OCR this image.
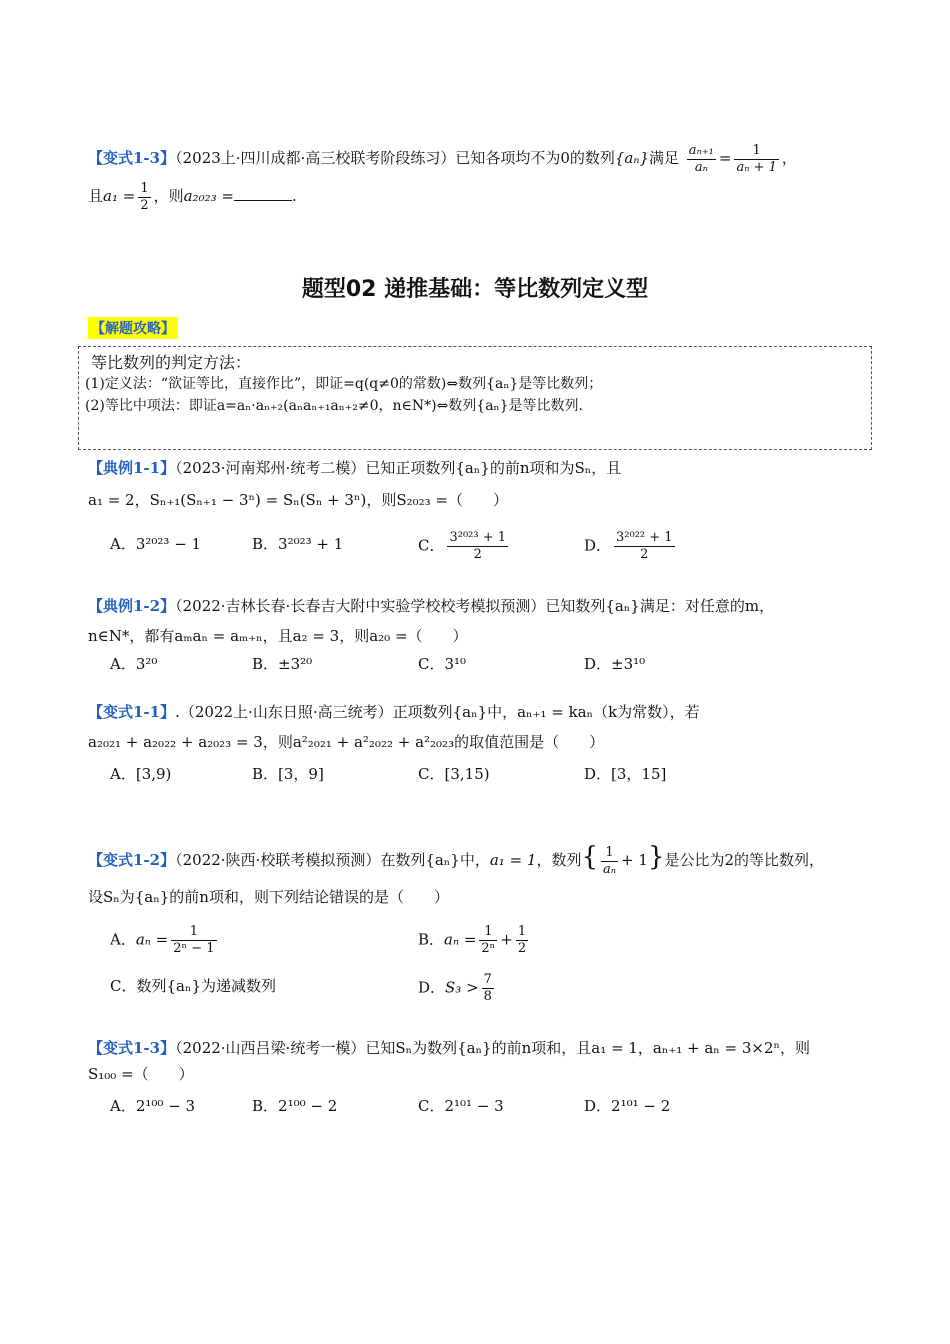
【变式1-3】（2023上·四川成都·高三校联考阶段练习）已知各项均不为0的数列{aₙ}满足 $\frac{\text{aₙ₊₁}}{\text{aₙ}} = \frac{1}{\text{aₙ + 1}}$ ，
且$a_1 = \frac{1}{2}$ ，则a₂₀₂₃ =	.
题型02 递推基础：等比数列定义型
【解题攻略】
等比数列的判定方法：
(1)定义法：“欲证等比，直接作比”，即证=q(q≠0的常数)⇔数列{aₙ}是等比数列；
(2)等比中项法：即证a=aₙ·aₙ₊₂(aₙaₙ₊₁aₙ₊₂≠0，n∈N*)⇔数列{aₙ}是等比数列.
【典例1-1】（2023·河南郑州·统考二模）已知正项数列{aₙ}的前n项和为Sₙ，且
a₁ = 2，Sₙ₊₁(Sₙ₊₁ − 3ⁿ) = Sₙ(Sₙ + 3ⁿ)，则S₂₀₂₃ =（　　）
A．3²⁰²³ − 1	B．3²⁰²³ + 1	C． $\frac{\text{3²⁰²³ + 1}}{2}$	D． $\frac{\text{3²⁰²² + 1}}{2}$
【典例1-2】（2022·吉林长春·长春吉大附中实验学校校考模拟预测）已知数列{aₙ}满足：对任意的m，
n∈N*，都有aₘaₙ = aₘ₊ₙ，且a₂ = 3，则a₂₀ =（　　）
A．3²⁰	B．±3²⁰	C．3¹⁰	D．±3¹⁰
【变式1-1】.（2022上·山东日照·高三统考）正项数列{aₙ}中，aₙ₊₁ = kaₙ（k为常数），若
a₂₀₂₁ + a₂₀₂₂ + a₂₀₂₃ = 3，则a²₂₀₂₁ + a²₂₀₂₂ + a²₂₀₂₃的取值范围是（　　）
A．[3,9)	B．[3，9]	C．[3,15)	D．[3，15]
【变式1-2】（2022·陕西·校联考模拟预测）在数列{aₙ}中，a₁ = 1，数列{ $\frac{1}{\text{aₙ}} + 1$}是公比为2的等比数列，
设Sₙ为{aₙ}的前n项和，则下列结论错误的是（　　）
A．$a_n = \frac{1}{\text{2ⁿ − 1}}$	B．$a_n = \frac{1}{\text{2ⁿ}} + \frac{1}{2}$
C．数列{aₙ}为递减数列	D．$S_3 > \frac{7}{8}$
【变式1-3】（2022·山西吕梁·统考一模）已知Sₙ为数列{aₙ}的前n项和，且a₁ = 1，aₙ₊₁ + aₙ = 3×2ⁿ，则
S₁₀₀ =（　　）
A．2¹⁰⁰ − 3	B．2¹⁰⁰ − 2	C．2¹⁰¹ − 3	D．2¹⁰¹ − 2
